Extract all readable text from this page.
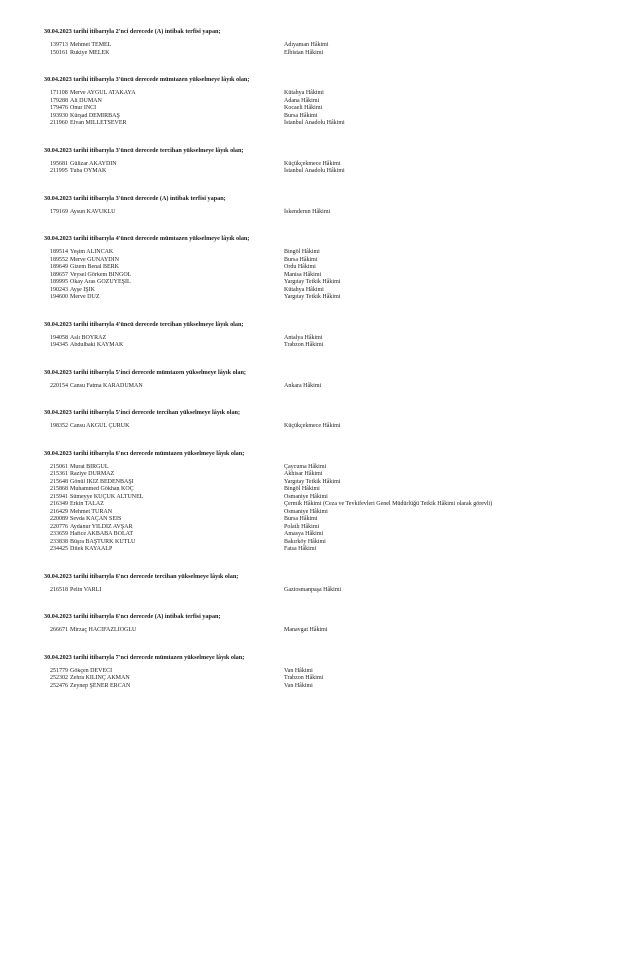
30.04.2023 tarihi itibarıyla 2'nci derecede (A) intibak terfisi yapan;
139713 Mehmet TEMEL	Adıyaman Hâkimi
150161 Rukiye MELEK	Elbistan Hâkimi
30.04.2023 tarihi itibarıyla 3'üncü derecede mümtazen yükselmeye lâyık olan;
171108 Merve AYGÜL ATAKAYA	Kütahya Hâkimi
179288 Ali DUMAN	Adana Hâkimi
179476 Onur İNCİ	Kocaeli Hâkimi
193930 Kürşad DEMİRBAŞ	Bursa Hâkimi
211960 Elvan MİLLETSEVER	İstanbul Anadolu Hâkimi
30.04.2023 tarihi itibarıyla 3'üncü derecede tercihan yükselmeye lâyık olan;
195681 Gülizar AKAYDIN	Küçükçekmece Hâkimi
211995 Tuba OYMAK	İstanbul Anadolu Hâkimi
30.04.2023 tarihi itibarıyla 3'üncü derecede (A) intibak terfisi yapan;
179169 Aysun KAVUKLU	İskenderun Hâkimi
30.04.2023 tarihi itibarıyla 4'üncü derecede mümtazen yükselmeye lâyık olan;
189514 Yeşim ALINCAK	Bingöl Hâkimi
189552 Merve GÜNAYDIN	Bursa Hâkimi
189649 Gizem Benal BERK	Ordu Hâkimi
189657 Veysel Görkem BİNGÖL	Manisa Hâkimi
189995 Okay Aras GÖZÜYEŞİL	Yargıtay Tetkik Hâkimi
190243 Ayşe IŞIK	Kütahya Hâkimi
194600 Merve DÜZ	Yargıtay Tetkik Hâkimi
30.04.2023 tarihi itibarıyla 4'üncü derecede tercihan yükselmeye lâyık olan;
194058 Aslı BOYRAZ	Antalya Hâkimi
194345 Abdulbaki KAYMAK	Trabzon Hâkimi
30.04.2023 tarihi itibarıyla 5'inci derecede mümtazen yükselmeye lâyık olan;
220154 Cansu Fatma KARADUMAN	Ankara Hâkimi
30.04.2023 tarihi itibarıyla 5'inci derecede tercihan yükselmeye lâyık olan;
198352 Cansu AKGÜL ÇÜRÜK	Küçükçekmece Hâkimi
30.04.2023 tarihi itibarıyla 6'ncı derecede mümtazen yükselmeye lâyık olan;
215061 Murat BİRGÜL	Çaycuma Hâkimi
215361 Raziye DURMAZ	Akhisar Hâkimi
215648 Gönül İKİZ BEDENBAŞI	Yargıtay Tetkik Hâkimi
215868 Muhammed Gökhan KOÇ	Bingöl Hâkimi
215941 Sümeyye KÜÇÜK ALTUNEL	Osmaniye Hâkimi
216349 Erkin TALAZ	Çermik Hâkimi (Ceza ve Tevkifevleri Genel Müdürlüğü Tetkik Hâkimi olarak görevli)
216429 Mehmet TURAN	Osmaniye Hâkimi
220089 Sevda KAÇAN SEİS	Bursa Hâkimi
220776 Aydanur YILDIZ AVŞAR	Polatlı Hâkimi
233659 Hafice AKBABA BOLAT	Amasya Hâkimi
233838 Büşra BAŞTÜRK KUTLU	Bakırköy Hâkimi
234425 Dilek KAYAALP	Fatsa Hâkimi
30.04.2023 tarihi itibarıyla 6'ncı derecede tercihan yükselmeye lâyık olan;
216518 Pelin VARLI	Gaziosmanpaşa Hâkimi
30.04.2023 tarihi itibarıyla 6'ncı derecede (A) intibak terfisi yapan;
266671 Mirzaç HACIFAZLIOĞLU	Manavgat Hâkimi
30.04.2023 tarihi itibarıyla 7'nci derecede mümtazen yükselmeye lâyık olan;
251779 Gökçen DEVECİ	Van Hâkimi
252302 Zehra KILINÇ AKMAN	Trabzon Hâkimi
252476 Zeynep ŞENER ERCAN	Van Hâkimi
